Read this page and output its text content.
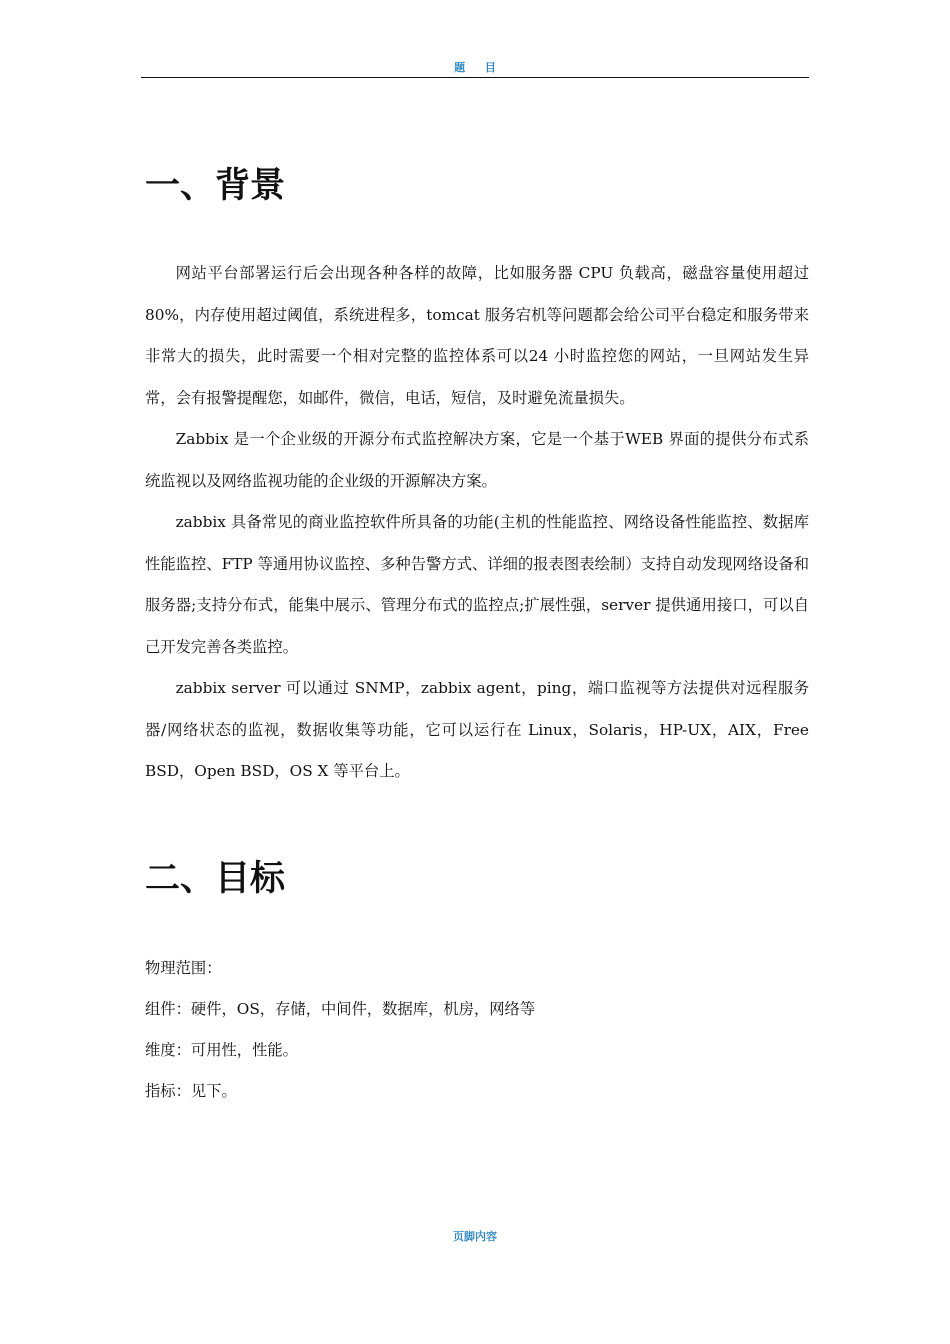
题 目
一、背景

网站平台部署运行后会出现各种各样的故障，比如服务器 CPU 负载高，磁盘容量使用超过 80%，内存使用超过阈值，系统进程多，tomcat 服务宕机等问题都会给公司平台稳定和服务带来非常大的损失，此时需要一个相对完整的监控体系可以24 小时监控您的网站，一旦网站发生异常，会有报警提醒您，如邮件，微信，电话，短信，及时避免流量损失。

Zabbix 是一个企业级的开源分布式监控解决方案，它是一个基于WEB 界面的提供分布式系统监视以及网络监视功能的企业级的开源解决方案。

zabbix 具备常见的商业监控软件所具备的功能(主机的性能监控、网络设备性能监控、数据库性能监控、FTP 等通用协议监控、多种告警方式、详细的报表图表绘制）支持自动发现网络设备和服务器;支持分布式，能集中展示、管理分布式的监控点;扩展性强，server 提供通用接口，可以自己开发完善各类监控。

zabbix server 可以通过 SNMP，zabbix agent，ping，端口监视等方法提供对远程服务器/网络状态的监视，数据收集等功能，它可以运行在 Linux，Solaris，HP-UX，AIX，Free BSD，Open BSD，OS X 等平台上。

二、目标

物理范围：

组件：硬件，OS，存储，中间件，数据库，机房，网络等

维度：可用性，性能。

指标：见下。

页脚内容
